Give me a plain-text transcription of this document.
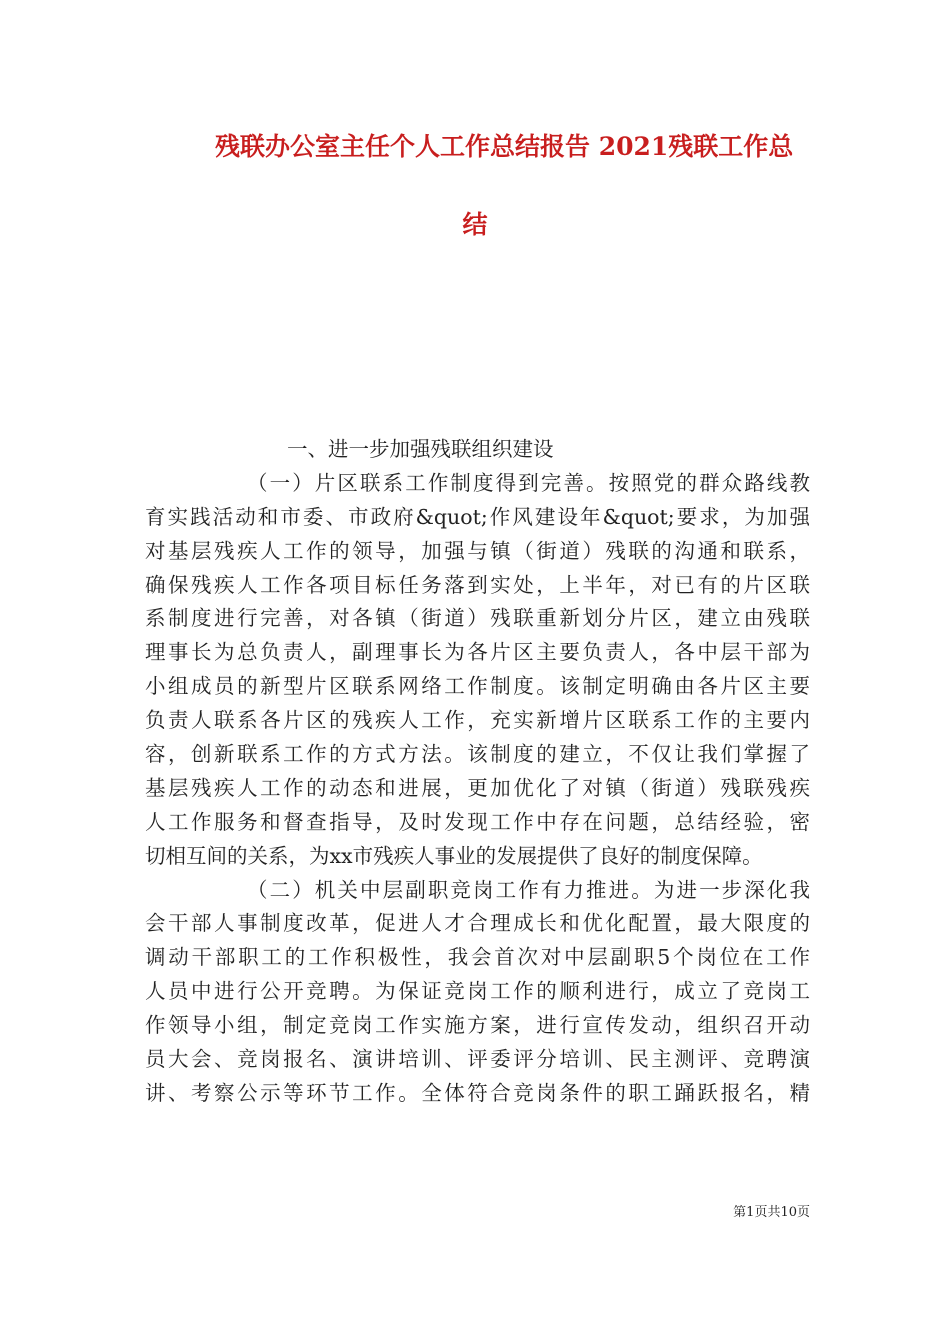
残联办公室主任个人工作总结报告 2021残联工作总
结
一、进一步加强残联组织建设
（一）片区联系工作制度得到完善。按照党的群众路线教
育实践活动和市委、市政府&quot;作风建设年&quot;要求，为加强
对基层残疾人工作的领导，加强与镇（街道）残联的沟通和联系，
确保残疾人工作各项目标任务落到实处，上半年，对已有的片区联
系制度进行完善，对各镇（街道）残联重新划分片区，建立由残联
理事长为总负责人，副理事长为各片区主要负责人，各中层干部为
小组成员的新型片区联系网络工作制度。该制定明确由各片区主要
负责人联系各片区的残疾人工作，充实新增片区联系工作的主要内
容，创新联系工作的方式方法。该制度的建立，不仅让我们掌握了
基层残疾人工作的动态和进展，更加优化了对镇（街道）残联残疾
人工作服务和督查指导，及时发现工作中存在问题，总结经验，密
切相互间的关系，为xx市残疾人事业的发展提供了良好的制度保障。
（二）机关中层副职竞岗工作有力推进。为进一步深化我
会干部人事制度改革，促进人才合理成长和优化配置，最大限度的
调动干部职工的工作积极性，我会首次对中层副职5个岗位在工作
人员中进行公开竞聘。为保证竞岗工作的顺利进行，成立了竞岗工
作领导小组，制定竞岗工作实施方案，进行宣传发动，组织召开动
员大会、竞岗报名、演讲培训、评委评分培训、民主测评、竞聘演
讲、考察公示等环节工作。全体符合竞岗条件的职工踊跃报名，精
第1页共10页
